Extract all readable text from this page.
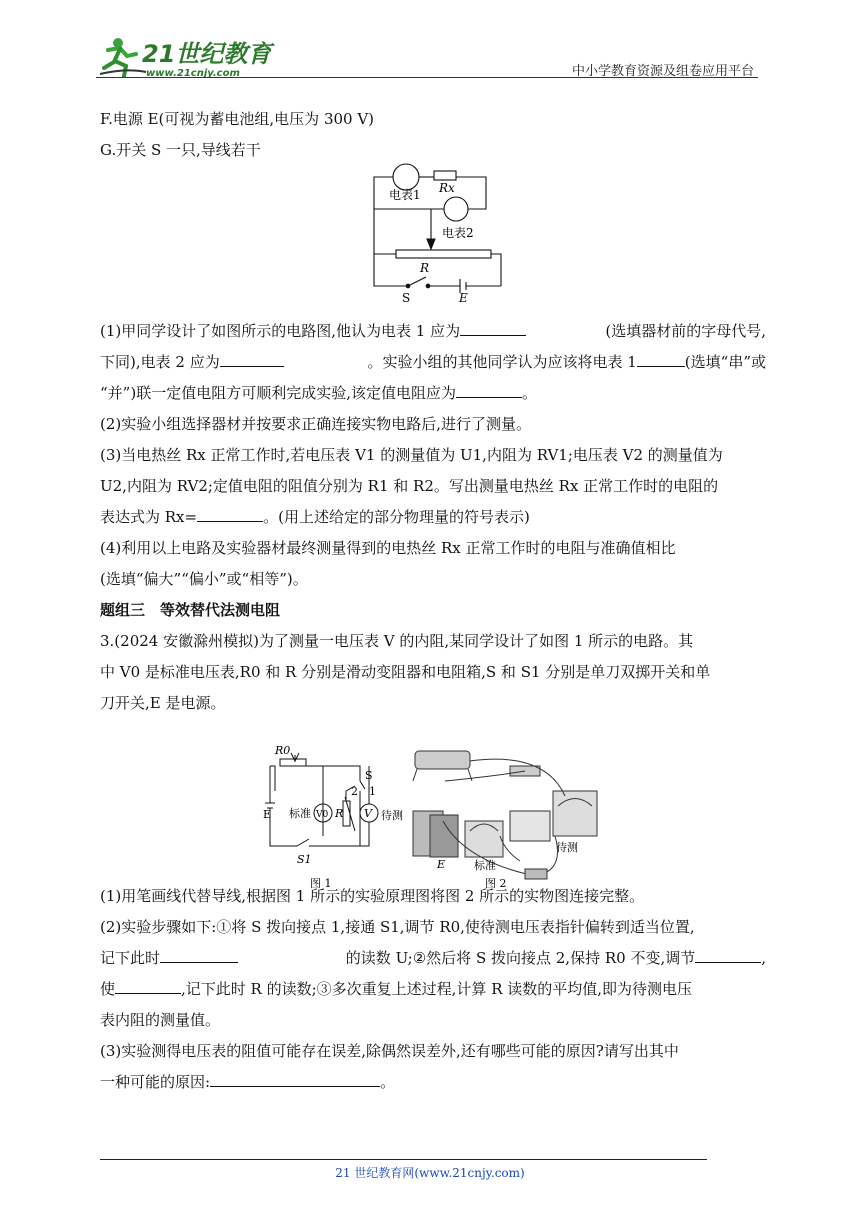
21世纪教育
www.21cnjy.com	中小学教育资源及组卷应用平台
电表1 Rx
电表2
R
S	E
R0
E 标准 V0 R
2 1
S
V 待测
S1
图 1
标准
待测
E
图 2
F.电源 E(可视为蓄电池组,电压为 300 V)
G.开关 S 一只,导线若干
(1)甲同学设计了如图所示的电路图,他认为电表 1 应为	(选填器材前的字母代号,
下同),电表 2 应为	。实验小组的其他同学认为应该将电表 1	(选填“串”或
“并”)联一定值电阻方可顺利完成实验,该定值电阻应为	。
(2)实验小组选择器材并按要求正确连接实物电路后,进行了测量。
(3)当电热丝 Rx 正常工作时,若电压表 V1 的测量值为 U1,内阻为 RV1;电压表 V2 的测量值为
U2,内阻为 RV2;定值电阻的阻值分别为 R1 和 R2。写出测量电热丝 Rx 正常工作时的电阻的
表达式为 Rx=	。(用上述给定的部分物理量的符号表示)
(4)利用以上电路及实验器材最终测量得到的电热丝 Rx 正常工作时的电阻与准确值相比
(选填“偏大”“偏小”或“相等”)。
题组三　等效替代法测电阻
3.(2024 安徽滁州模拟)为了测量一电压表 V 的内阻,某同学设计了如图 1 所示的电路。其
中 V0 是标准电压表,R0 和 R 分别是滑动变阻器和电阻箱,S 和 S1 分别是单刀双掷开关和单
刀开关,E 是电源。
(1)用笔画线代替导线,根据图 1 所示的实验原理图将图 2 所示的实物图连接完整。
(2)实验步骤如下:①将 S 拨向接点 1,接通 S1,调节 R0,使待测电压表指针偏转到适当位置,
记下此时	的读数 U;②然后将 S 拨向接点 2,保持 R0 不变,调节	,
使	,记下此时 R 的读数;③多次重复上述过程,计算 R 读数的平均值,即为待测电压
表内阻的测量值。
(3)实验测得电压表的阻值可能存在误差,除偶然误差外,还有哪些可能的原因?请写出其中
一种可能的原因:	。
21 世纪教育网(www.21cnjy.com)
